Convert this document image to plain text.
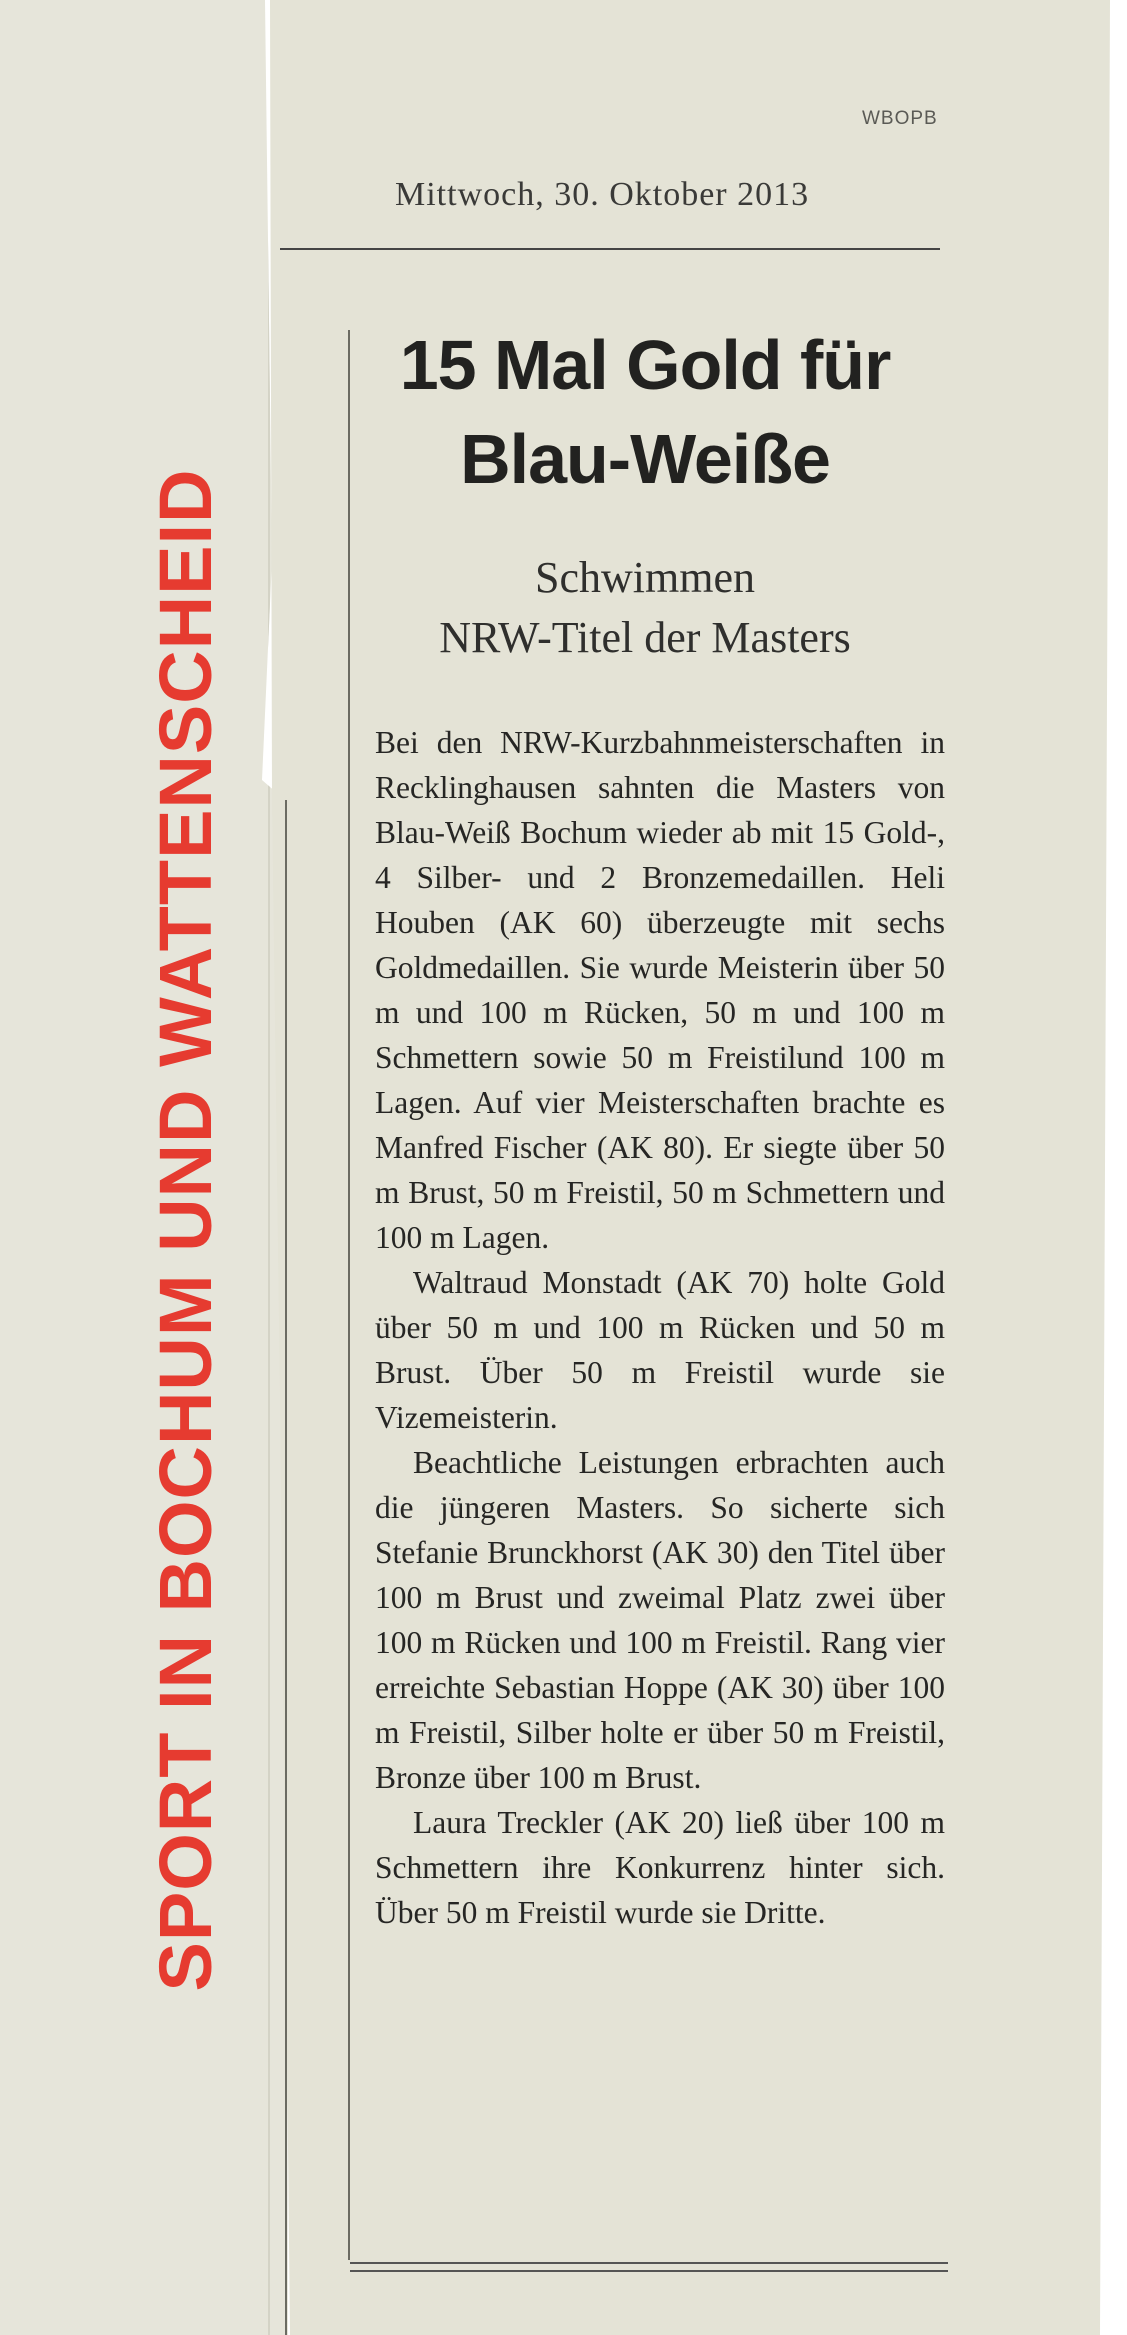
SPORT IN BOCHUM UND WATTENSCHEID
WBOPB
Mittwoch, 30. Oktober 2013
15 Mal Gold für Blau-Weiße
Schwimmen
NRW-Titel der Masters

Bei den NRW-Kurzbahnmeisterschaften in Recklinghausen sahnten die Masters von Blau-Weiß Bochum wieder ab mit 15 Gold-, 4 Silber- und 2 Bronzemedaillen. Heli Houben (AK 60) überzeugte mit sechs Goldmedaillen. Sie wurde Meisterin über 50 m und 100 m Rücken, 50 m und 100 m Schmettern sowie 50 m Freistilund 100 m Lagen. Auf vier Meisterschaften brachte es Manfred Fischer (AK 80). Er siegte über 50 m Brust, 50 m Freistil, 50 m Schmettern und 100 m Lagen.

Waltraud Monstadt (AK 70) holte Gold über 50 m und 100 m Rücken und 50 m Brust. Über 50 m Freistil wurde sie Vizemeisterin.

Beachtliche Leistungen erbrachten auch die jüngeren Masters. So sicherte sich Stefanie Brunckhorst (AK 30) den Titel über 100 m Brust und zweimal Platz zwei über 100 m Rücken und 100 m Freistil. Rang vier erreichte Sebastian Hoppe (AK 30) über 100 m Freistil, Silber holte er über 50 m Freistil, Bronze über 100 m Brust.

Laura Treckler (AK 20) ließ über 100 m Schmettern ihre Konkurrenz hinter sich. Über 50 m Freistil wurde sie Dritte.
